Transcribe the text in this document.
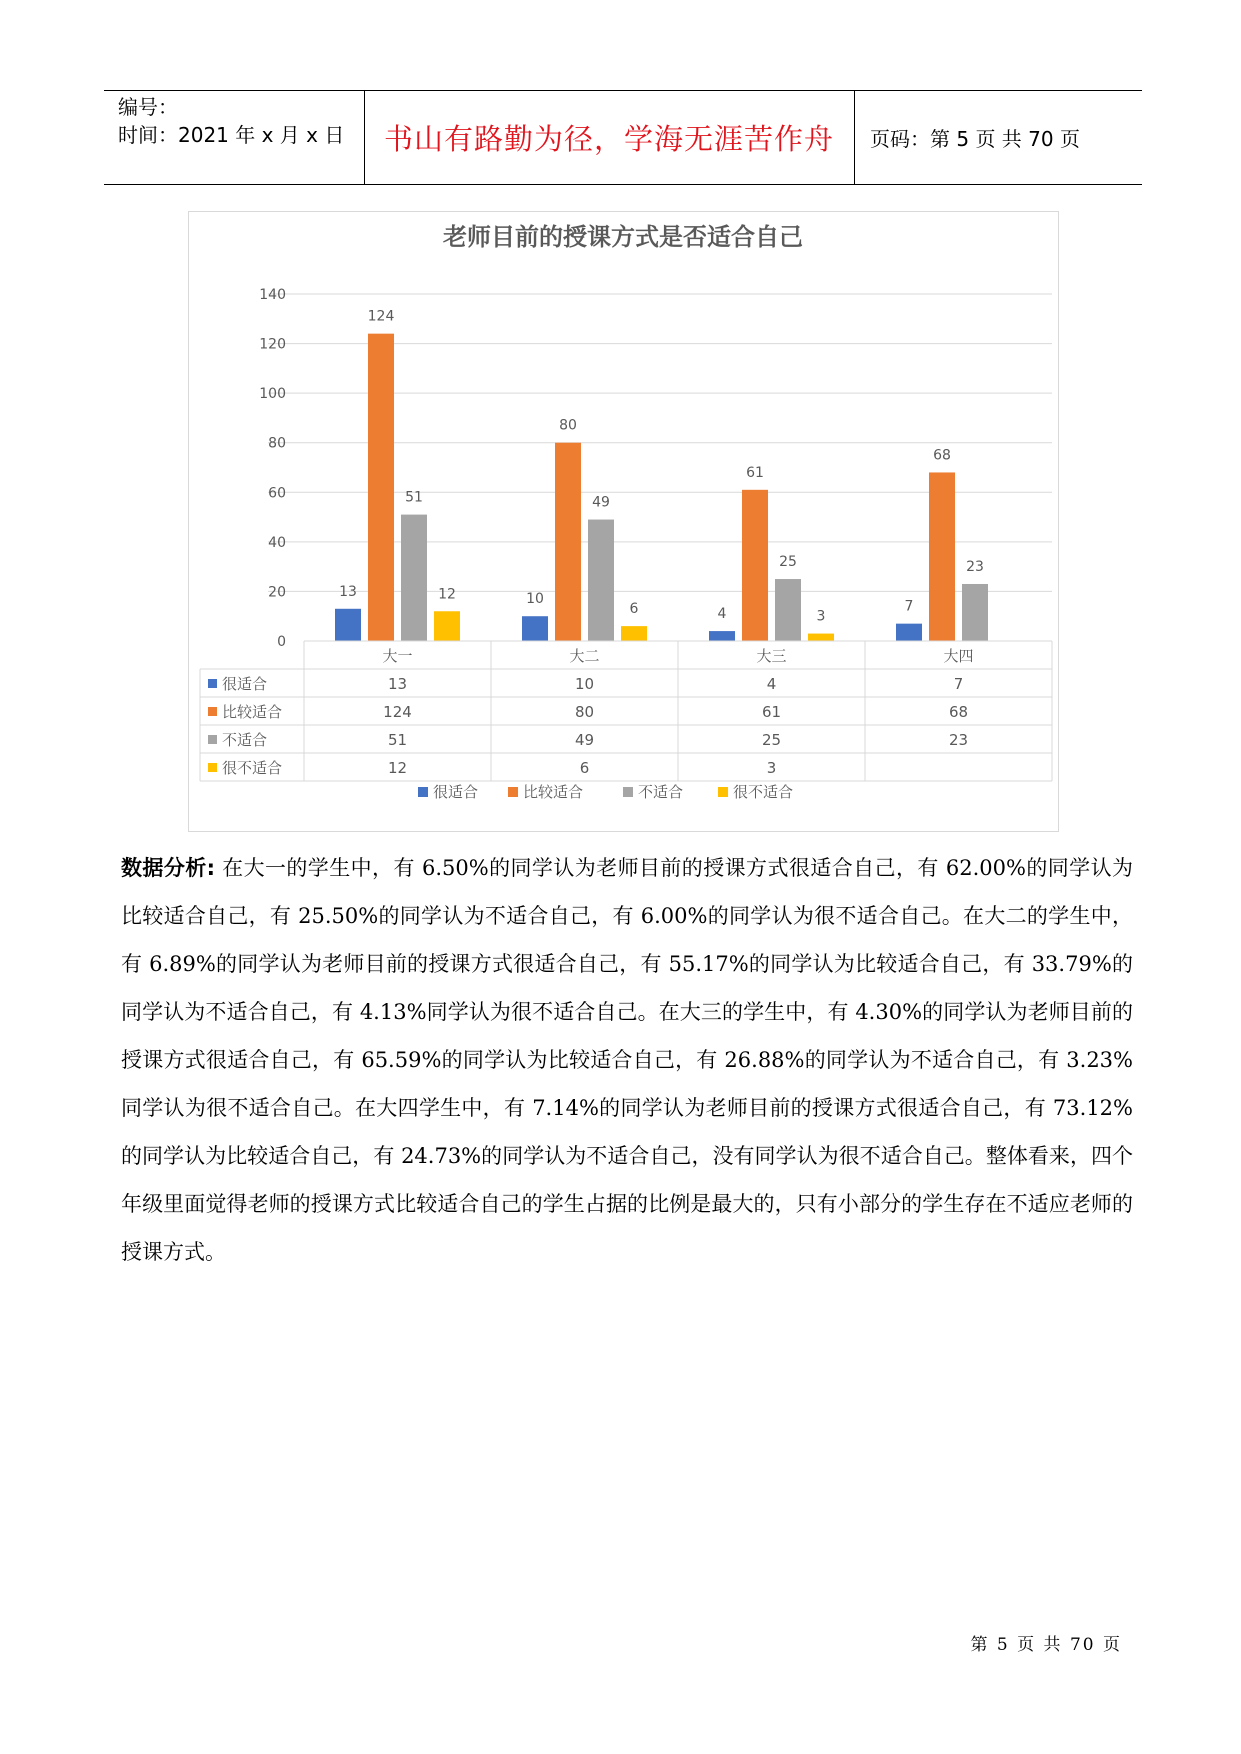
编号：
时间：2021 年 x 月 x 日	书山有路勤为径，学海无涯苦作舟	页码：第 5 页 共 70 页
老师目前的授课方式是否适合自己
0
20
40
60
80
100
120
140
13	10
4	7
124
80
61
68
51	49
25	23
12
6	3
大一	大二	大三	大四
很适合	13	10	4	7
比较适合	124	80	61	68
不适合	51	49	25	23
很不适合	12	6	3
很适合	比较适合	不适合	很不适合
数据分析: 在大一的学生中，有 6.50%的同学认为老师目前的授课方式很适合自己，有 62.00%的同学认为比较适合自己，有 25.50%的同学认为不适合自己，有 6.00%的同学认为很不适合自己。在大二的学生中，有 6.89%的同学认为老师目前的授课方式很适合自己，有 55.17%的同学认为比较适合自己，有 33.79%的同学认为不适合自己，有 4.13%同学认为很不适合自己。在大三的学生中，有 4.30%的同学认为老师目前的授课方式很适合自己，有 65.59%的同学认为比较适合自己，有 26.88%的同学认为不适合自己，有 3.23%同学认为很不适合自己。在大四学生中，有 7.14%的同学认为老师目前的授课方式很适合自己，有 73.12%的同学认为比较适合自己，有 24.73%的同学认为不适合自己，没有同学认为很不适合自己。整体看来，四个年级里面觉得老师的授课方式比较适合自己的学生占据的比例是最大的，只有小部分的学生存在不适应老师的授课方式。
第 5 页 共 70 页
